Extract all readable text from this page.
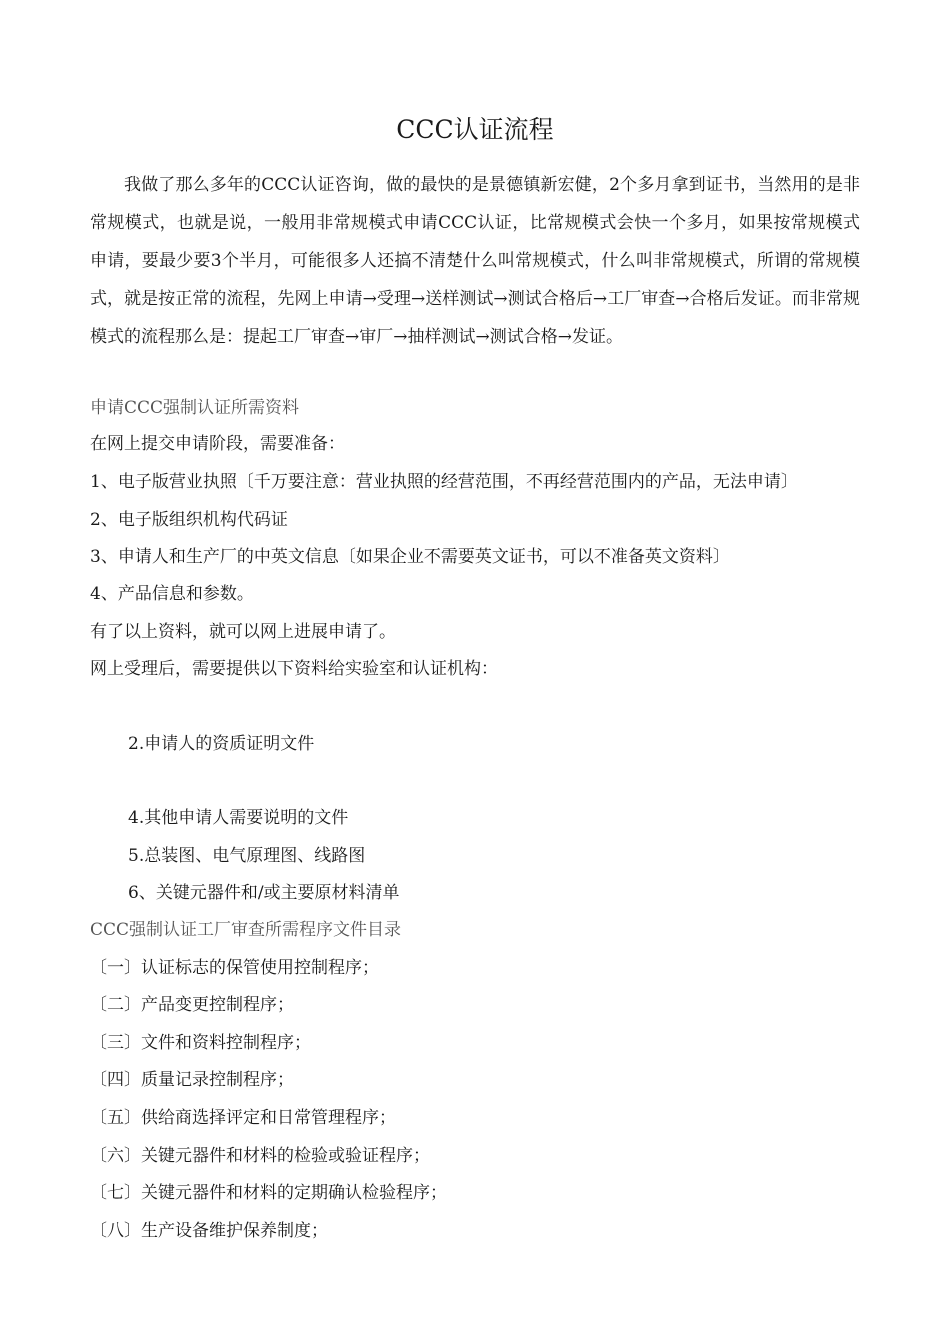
CCC认证流程

我做了那么多年的CCC认证咨询，做的最快的是景德镇新宏健，2个多月拿到证书，当然用的是非常规模式，也就是说，一般用非常规模式申请CCC认证，比常规模式会快一个多月，如果按常规模式申请，要最少要3个半月，可能很多人还搞不清楚什么叫常规模式，什么叫非常规模式，所谓的常规模式，就是按正常的流程，先网上申请→受理→送样测试→测试合格后→工厂审查→合格后发证。而非常规模式的流程那么是：提起工厂审查→审厂→抽样测试→测试合格→发证。

申请CCC强制认证所需资料

在网上提交申请阶段，需要准备：

1、电子版营业执照〔千万要注意：营业执照的经营范围，不再经营范围内的产品，无法申请〕

2、电子版组织机构代码证

3、申请人和生产厂的中英文信息〔如果企业不需要英文证书，可以不准备英文资料〕

4、产品信息和参数。

有了以上资料，就可以网上进展申请了。

网上受理后，需要提供以下资料给实验室和认证机构：

2.申请人的资质证明文件

4.其他申请人需要说明的文件

5.总装图、电气原理图、线路图

6、关键元器件和/或主要原材料清单

CCC强制认证工厂审查所需程序文件目录

〔一〕认证标志的保管使用控制程序；

〔二〕产品变更控制程序；

〔三〕文件和资料控制程序；

〔四〕质量记录控制程序；

〔五〕供给商选择评定和日常管理程序；

〔六〕关键元器件和材料的检验或验证程序；

〔七〕关键元器件和材料的定期确认检验程序；

〔八〕生产设备维护保养制度；
